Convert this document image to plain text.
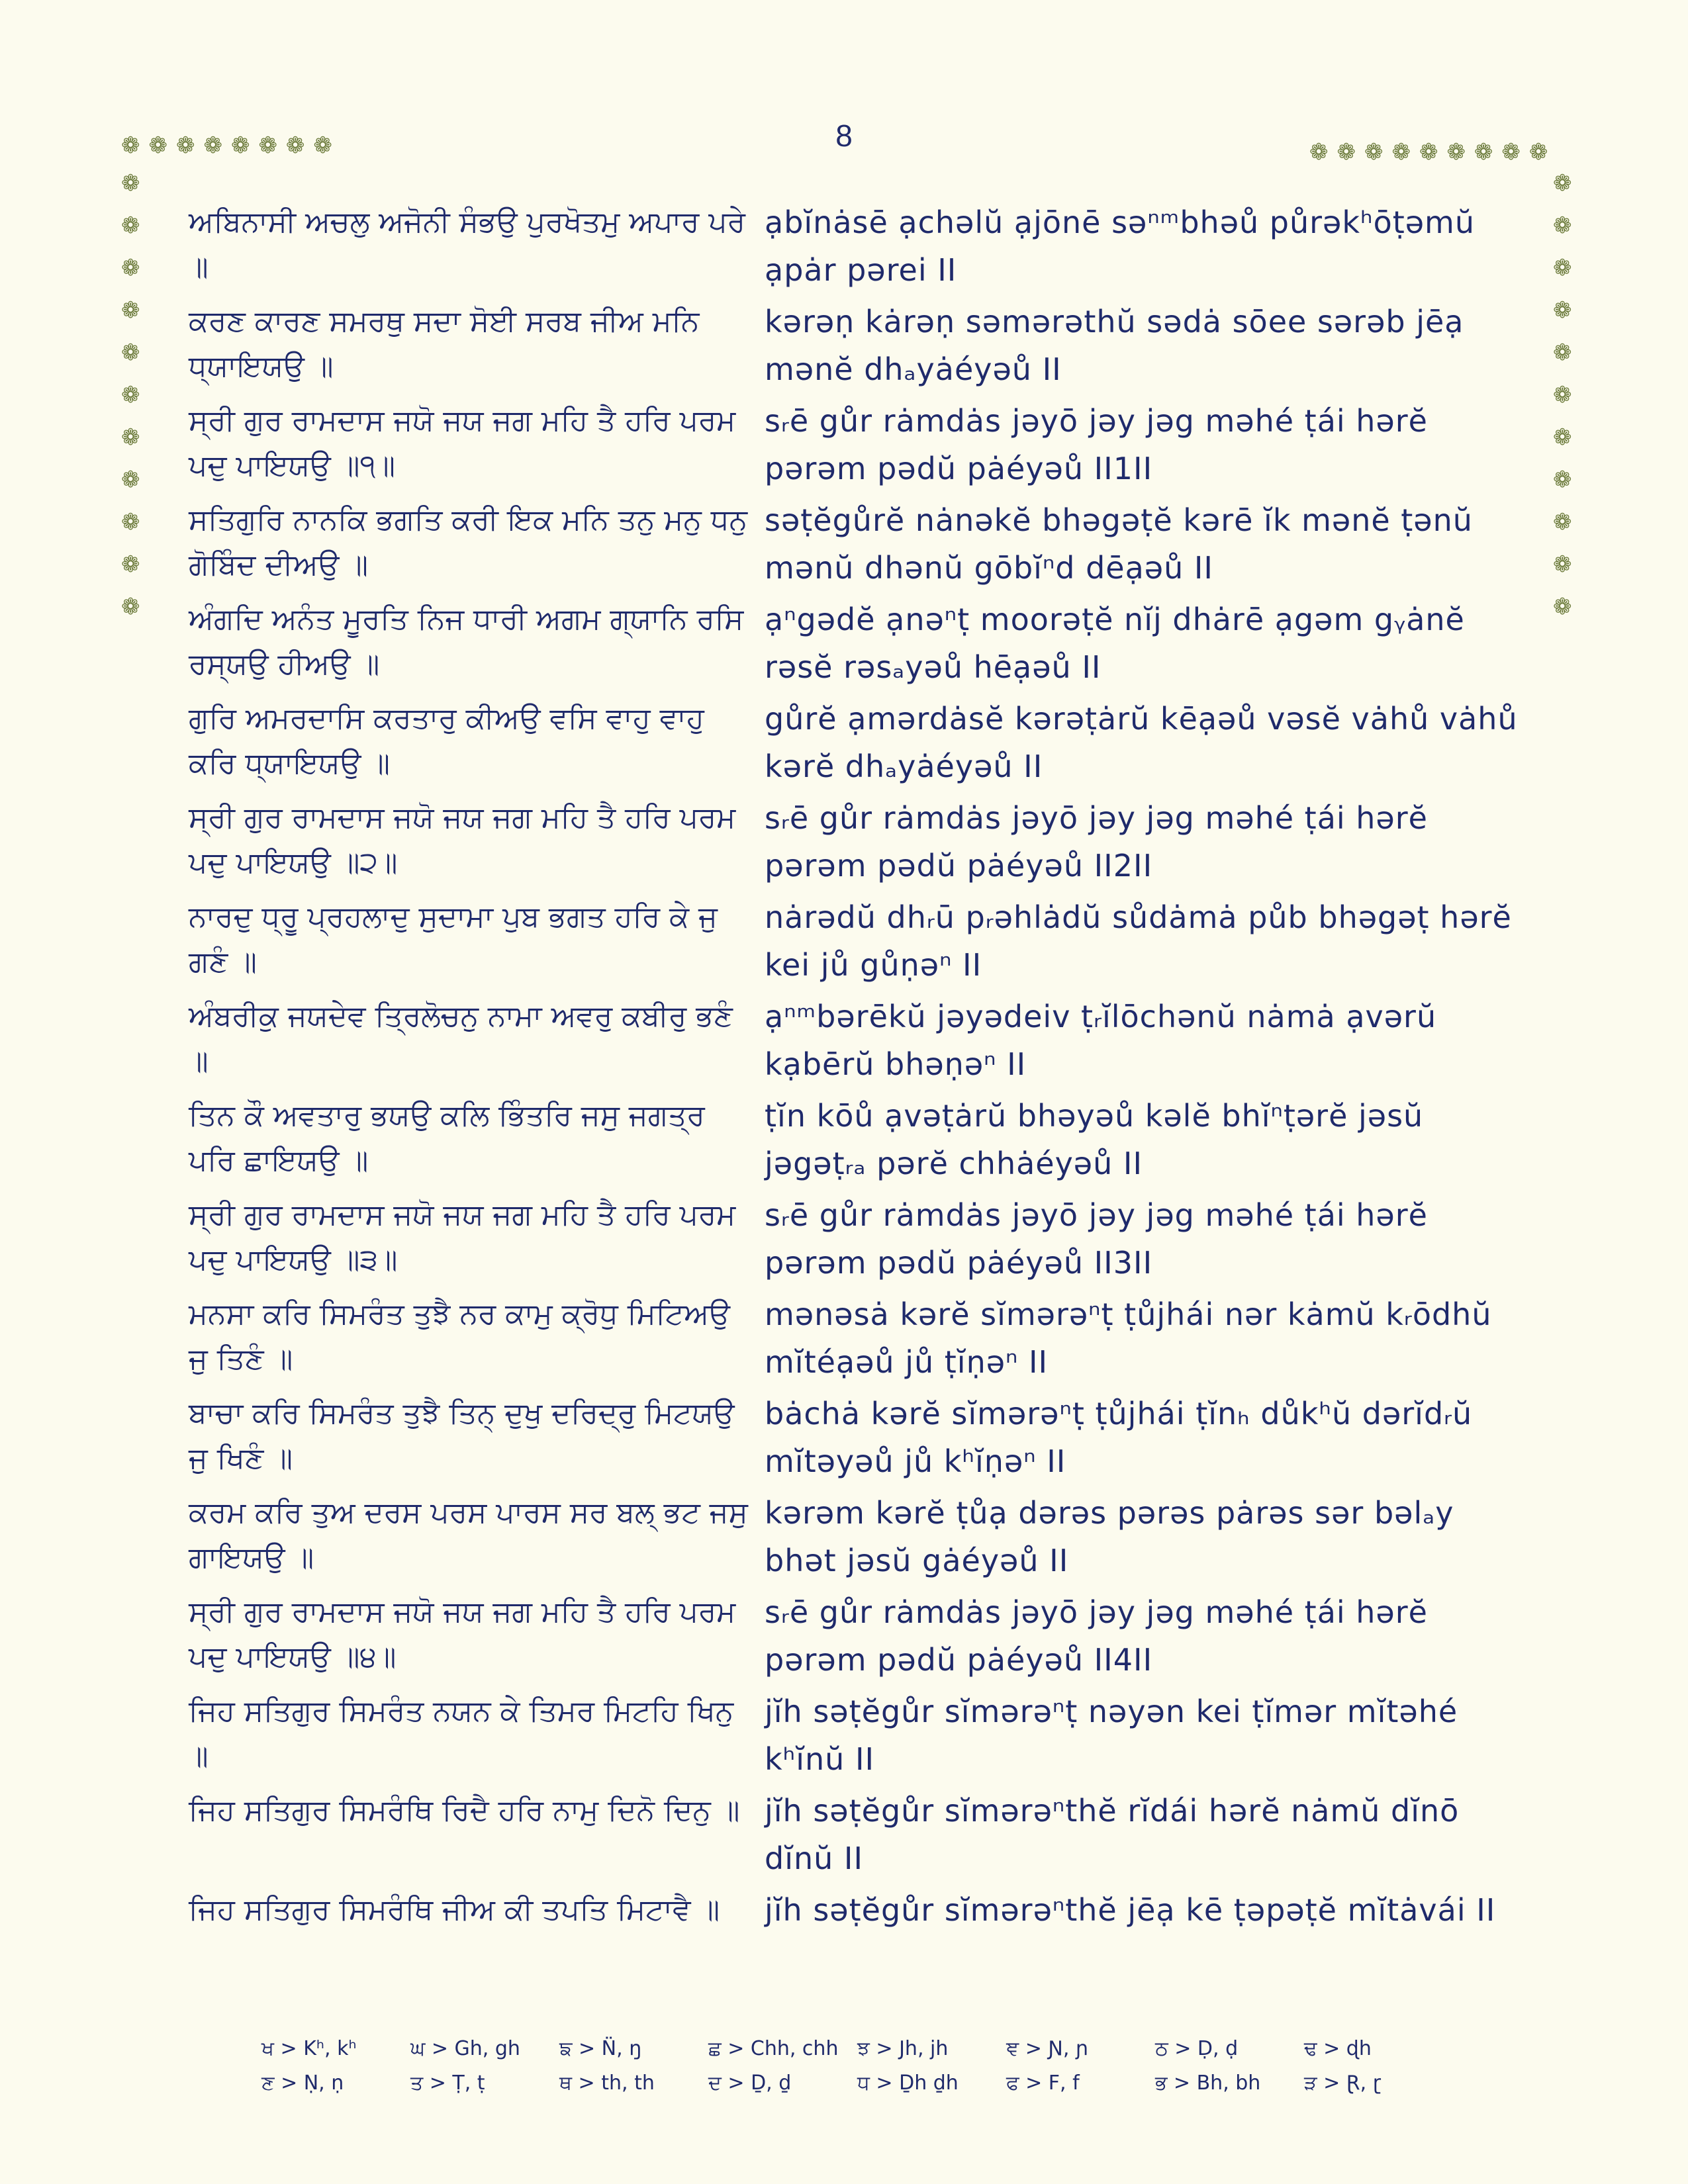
8
❁❁❁❁❁❁❁❁	❁❁❁❁❁❁❁❁❁
❁
❁
❁
❁
❁
❁
❁
❁
❁
❁
❁
❁
❁
❁
❁
❁
❁
❁
❁
❁
❁
❁
ਅਬਿਨਾਸੀ ਅਚਲੁ ਅਜੋਨੀ ਸੰਭਉ ਪੁਰਖੋਤਮੁ ਅਪਾਰ ਪਰੇ ॥
ạbĭnȧsē ạchəlŭ ạjōnē səⁿᵐbhəů půrəkʰōṭəmŭ ạpȧr pərei II
ਕਰਣ ਕਾਰਣ ਸਮਰਥੁ ਸਦਾ ਸੋਈ ਸਰਬ ਜੀਅ ਮਨਿ ਧ੍ਯਾਇਯਉ ॥
kərəṇ kȧrəṇ səmərəthŭ sədȧ sōee sərəb jēạ mənĕ dhₐyȧéyəů II
ਸ੍ਰੀ ਗੁਰ ਰਾਮਦਾਸ ਜਯੋ ਜਯ ਜਗ ਮਹਿ ਤੈ ਹਰਿ ਪਰਮ ਪਦੁ ਪਾਇਯਉ ॥੧॥
sᵣē gůr rȧmdȧs jəyō jəy jəg məhé ṭái hərĕ pərəm pədŭ pȧéyəů II1II
ਸਤਿਗੁਰਿ ਨਾਨਕਿ ਭਗਤਿ ਕਰੀ ਇਕ ਮਨਿ ਤਨੁ ਮਨੁ ਧਨੁ ਗੋਬਿੰਦ ਦੀਅਉ ॥
səṭĕgůrĕ nȧnəkĕ bhəgəṭĕ kərē ĭk mənĕ ṭənŭ mənŭ dhənŭ gōbĭⁿd dēạəů II
ਅੰਗਦਿ ਅਨੰਤ ਮੂਰਤਿ ਨਿਜ ਧਾਰੀ ਅਗਮ ਗ੍ਯਾਨਿ ਰਸਿ ਰਸ੍ਯਉ ਹੀਅਉ ॥
ạⁿgədĕ ạnəⁿṭ moorəṭĕ nĭj dhȧrē ạgəm gᵧȧnĕ rəsĕ rəsₐyəů hēạəů II
ਗੁਰਿ ਅਮਰਦਾਸਿ ਕਰਤਾਰੁ ਕੀਅਉ ਵਸਿ ਵਾਹੁ ਵਾਹੁ ਕਰਿ ਧ੍ਯਾਇਯਉ ॥
gůrĕ ạmərdȧsĕ kərəṭȧrŭ kēạəů vəsĕ vȧhů vȧhů kərĕ dhₐyȧéyəů II
ਸ੍ਰੀ ਗੁਰ ਰਾਮਦਾਸ ਜਯੋ ਜਯ ਜਗ ਮਹਿ ਤੈ ਹਰਿ ਪਰਮ ਪਦੁ ਪਾਇਯਉ ॥੨॥
sᵣē gůr rȧmdȧs jəyō jəy jəg məhé ṭái hərĕ pərəm pədŭ pȧéyəů II2II
ਨਾਰਦੁ ਧ੍ਰੂ ਪ੍ਰਹਲਾਦੁ ਸੁਦਾਮਾ ਪੁਬ ਭਗਤ ਹਰਿ ਕੇ ਜੁ ਗਣੰ ॥
nȧrədŭ dhᵣū pᵣəhlȧdŭ sůdȧmȧ půb bhəgəṭ hərĕ kei jů gůṇəⁿ II
ਅੰਬਰੀਕੁ ਜਯਦੇਵ ਤ੍ਰਿਲੋਚਨੁ ਨਾਮਾ ਅਵਰੁ ਕਬੀਰੁ ਭਣੰ ॥
ạⁿᵐbərēkŭ jəyədeiv ṭᵣĭlōchənŭ nȧmȧ ạvərŭ kạbērŭ bhəṇəⁿ II
ਤਿਨ ਕੌ ਅਵਤਾਰੁ ਭਯਉ ਕਲਿ ਭਿੰਤਰਿ ਜਸੁ ਜਗਤ੍ਰ ਪਰਿ ਛਾਇਯਉ ॥
ṭĭn kōů ạvəṭȧrŭ bhəyəů kəlĕ bhĭⁿṭərĕ jəsŭ jəgəṭᵣₐ pərĕ chhȧéyəů II
ਸ੍ਰੀ ਗੁਰ ਰਾਮਦਾਸ ਜਯੋ ਜਯ ਜਗ ਮਹਿ ਤੈ ਹਰਿ ਪਰਮ ਪਦੁ ਪਾਇਯਉ ॥੩॥
sᵣē gůr rȧmdȧs jəyō jəy jəg məhé ṭái hərĕ pərəm pədŭ pȧéyəů II3II
ਮਨਸਾ ਕਰਿ ਸਿਮਰੰਤ ਤੁਝੈ ਨਰ ਕਾਮੁ ਕ੍ਰੋਧੁ ਮਿਟਿਅਉ ਜੁ ਤਿਣੰ ॥
mənəsȧ kərĕ sĭmərəⁿṭ ṭůjhái nər kȧmŭ kᵣōdhŭ mĭtéạəů jů ṭĭṇəⁿ II
ਬਾਚਾ ਕਰਿ ਸਿਮਰੰਤ ਤੁਝੈ ਤਿਨ੍ ਦੁਖੁ ਦਰਿਦ੍ਰੁ ਮਿਟਯਉ ਜੁ ਖਿਣੰ ॥
bȧchȧ kərĕ sĭmərəⁿṭ ṭůjhái ṭĭnₕ důkʰŭ dərĭdᵣŭ mĭtəyəů jů kʰĭṇəⁿ II
ਕਰਮ ਕਰਿ ਤੁਅ ਦਰਸ ਪਰਸ ਪਾਰਸ ਸਰ ਬਲ੍ ਭਟ ਜਸੁ ਗਾਇਯਉ ॥
kərəm kərĕ ṭůạ dərəs pərəs pȧrəs sər bəlₐy bhət jəsŭ gȧéyəů II
ਸ੍ਰੀ ਗੁਰ ਰਾਮਦਾਸ ਜਯੋ ਜਯ ਜਗ ਮਹਿ ਤੈ ਹਰਿ ਪਰਮ ਪਦੁ ਪਾਇਯਉ ॥੪॥
sᵣē gůr rȧmdȧs jəyō jəy jəg məhé ṭái hərĕ pərəm pədŭ pȧéyəů II4II
ਜਿਹ ਸਤਿਗੁਰ ਸਿਮਰੰਤ ਨਯਨ ਕੇ ਤਿਮਰ ਮਿਟਹਿ ਖਿਨੁ ॥
jĭh səṭĕgůr sĭmərəⁿṭ nəyən kei ṭĭmər mĭtəhé kʰĭnŭ II
ਜਿਹ ਸਤਿਗੁਰ ਸਿਮਰੰਥਿ ਰਿਦੈ ਹਰਿ ਨਾਮੁ ਦਿਨੋ ਦਿਨੁ ॥ jĭh səṭĕgůr sĭmərəⁿthĕ rĭdái hərĕ nȧmŭ dĭnō dĭnŭ II
ਜਿਹ ਸਤਿਗੁਰ ਸਿਮਰੰਥਿ ਜੀਅ ਕੀ ਤਪਤਿ ਮਿਟਾਵੈ ॥	jĭh səṭĕgůr sĭmərəⁿthĕ jēạ kē ṭəpəṭĕ mĭtȧvái II
ਖ > Kʰ, kʰ	ਘ > Gh, gh	ਙ > N̈, ŋ	ਛ > Chh, chh ਝ > Jh, jh	ਞ > Ɲ, ɲ	ਠ > Ḍ, ḍ	ਢ > ɖh
ਣ > Ṇ, ṇ	ਤ > Ṭ, ṭ	ਥ > th, th	ਦ > Ḏ, ḏ	ਧ > Ḏh ḏh	ਫ > F, f	ਭ > Bh, bh	ੜ > Ɽ, ɽ
